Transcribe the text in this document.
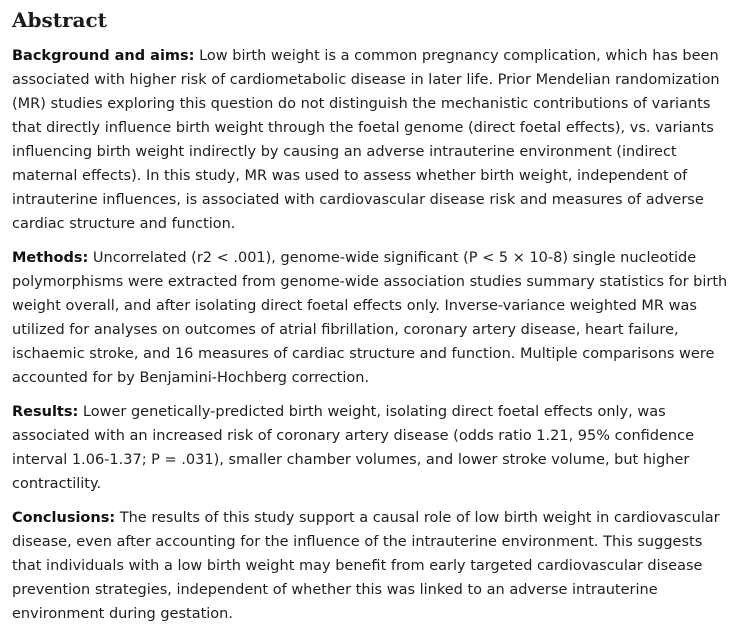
Abstract

Background and aims: Low birth weight is a common pregnancy complication, which has been associated with higher risk of cardiometabolic disease in later life. Prior Mendelian randomization (MR) studies exploring this question do not distinguish the mechanistic contributions of variants that directly influence birth weight through the foetal genome (direct foetal effects), vs. variants influencing birth weight indirectly by causing an adverse intrauterine environment (indirect maternal effects). In this study, MR was used to assess whether birth weight, independent of intrauterine influences, is associated with cardiovascular disease risk and measures of adverse cardiac structure and function.

Methods: Uncorrelated (r2 < .001), genome-wide significant (P < 5 × 10-8) single nucleotide polymorphisms were extracted from genome-wide association studies summary statistics for birth weight overall, and after isolating direct foetal effects only. Inverse-variance weighted MR was utilized for analyses on outcomes of atrial fibrillation, coronary artery disease, heart failure, ischaemic stroke, and 16 measures of cardiac structure and function. Multiple comparisons were accounted for by Benjamini-Hochberg correction.

Results: Lower genetically-predicted birth weight, isolating direct foetal effects only, was associated with an increased risk of coronary artery disease (odds ratio 1.21, 95% confidence interval 1.06-1.37; P = .031), smaller chamber volumes, and lower stroke volume, but higher contractility.

Conclusions: The results of this study support a causal role of low birth weight in cardiovascular disease, even after accounting for the influence of the intrauterine environment. This suggests that individuals with a low birth weight may benefit from early targeted cardiovascular disease prevention strategies, independent of whether this was linked to an adverse intrauterine environment during gestation.
